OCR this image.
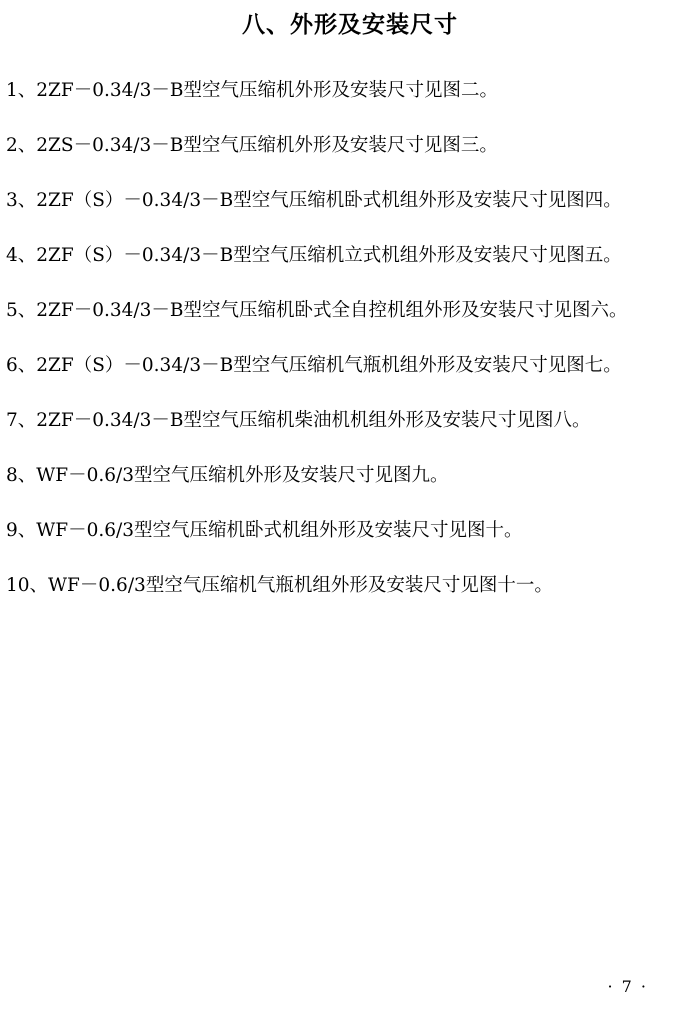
八、外形及安装尺寸
1、2ZF－0.34/3－B型空气压缩机外形及安装尺寸见图二。
2、2ZS－0.34/3－B型空气压缩机外形及安装尺寸见图三。
3、2ZF（S）－0.34/3－B型空气压缩机卧式机组外形及安装尺寸见图四。
4、2ZF（S）－0.34/3－B型空气压缩机立式机组外形及安装尺寸见图五。
5、2ZF－0.34/3－B型空气压缩机卧式全自控机组外形及安装尺寸见图六。
6、2ZF（S）－0.34/3－B型空气压缩机气瓶机组外形及安装尺寸见图七。
7、2ZF－0.34/3－B型空气压缩机柴油机机组外形及安装尺寸见图八。
8、WF－0.6/3型空气压缩机外形及安装尺寸见图九。
9、WF－0.6/3型空气压缩机卧式机组外形及安装尺寸见图十。
10、WF－0.6/3型空气压缩机气瓶机组外形及安装尺寸见图十一。
· 7 ·
